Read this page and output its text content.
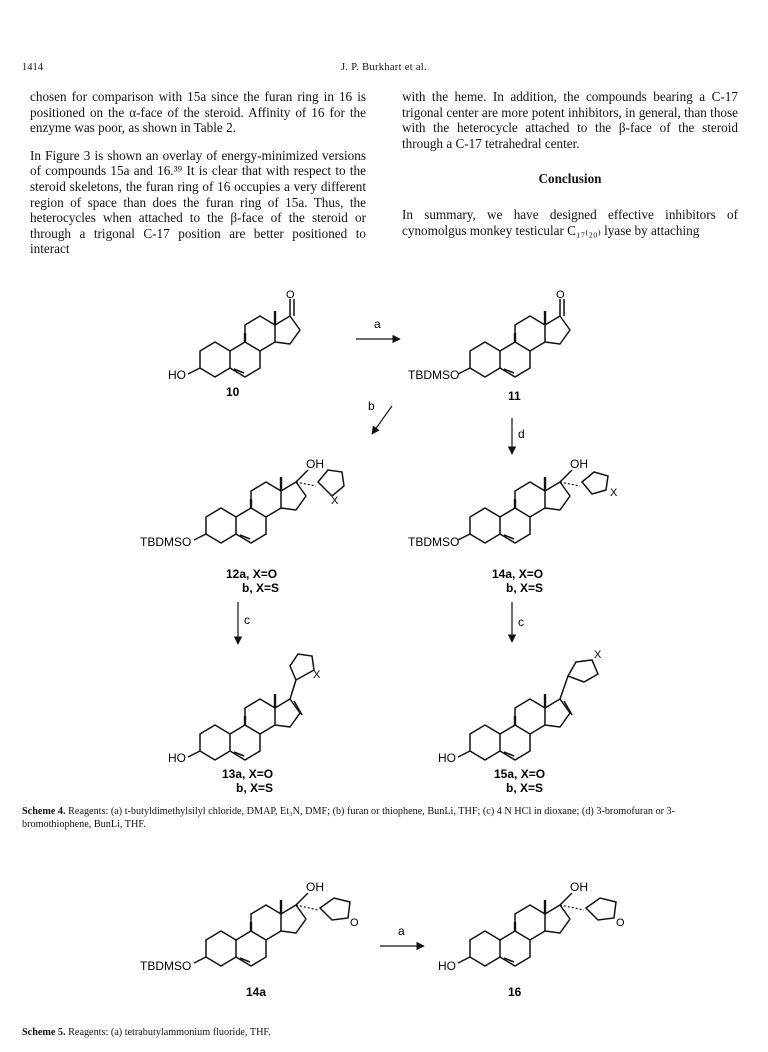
1414	J. P. Burkhart et al.

chosen for comparison with 15a since the furan ring in 16 is positioned on the α-face of the steroid. Affinity of 16 for the enzyme was poor, as shown in Table 2.

In Figure 3 is shown an overlay of energy-minimized versions of compounds 15a and 16.³⁹ It is clear that with respect to the steroid skeletons, the furan ring of 16 occupies a very different region of space than does the furan ring of 15a. Thus, the heterocycles when attached to the β-face of the steroid or through a trigonal C-17 position are better positioned to interact

with the heme. In addition, the compounds bearing a C-17 trigonal center are more potent inhibitors, in general, than those with the heterocycle attached to the β-face of the steroid through a C-17 tetrahedral center.

Conclusion

In summary, we have designed effective inhibitors of cynomolgus monkey testicular C₁₇₍₂₀₎ lyase by attaching

O
HO
10
a
O
TBDMSO
11
b
d
OH
X
TBDMSO
12a, X=O
b, X=S
OH
X
TBDMSO
14a, X=O
b, X=S
c	c
X
HO
13a, X=O
b, X=S
X
HO
15a, X=O
b, X=S
Scheme 4. Reagents: (a) t-butyldimethylsilyl chloride, DMAP, Et₃N, DMF; (b) furan or thiophene, BunLi, THF; (c) 4 N HCl in dioxane; (d) 3-bromofuran or 3-bromothiophene, BunLi, THF.
OH
O
TBDMSO
14a
a
OH
O
HO
16
Scheme 5. Reagents: (a) tetrabutylammonium fluoride, THF.
